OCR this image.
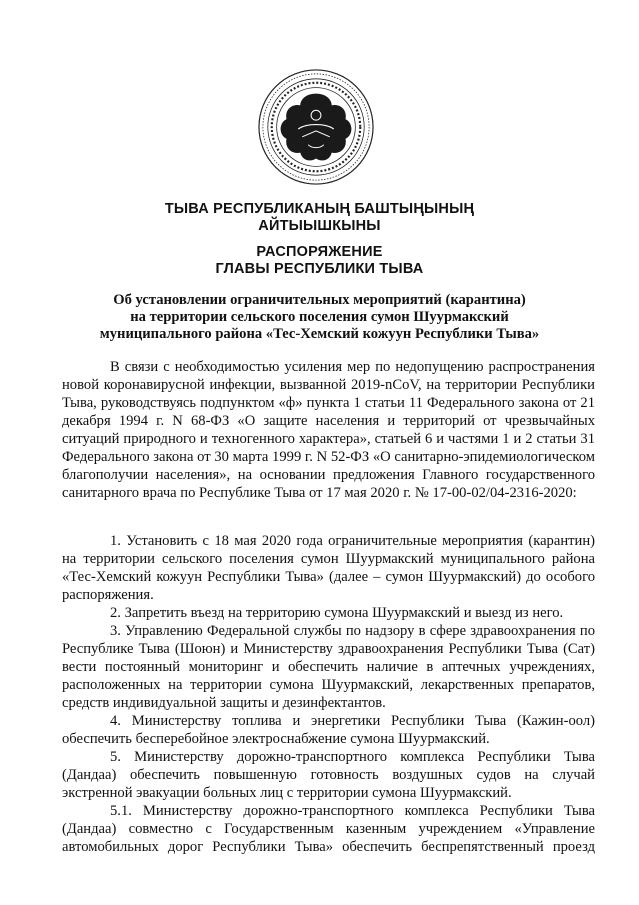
ТЫВА РЕСПУБЛИКАНЫҢ БАШТЫҢЫНЫҢ
АЙТЫЫШКЫНЫ
РАСПОРЯЖЕНИЕ
ГЛАВЫ РЕСПУБЛИКИ ТЫВА
Об установлении ограничительных мероприятий (карантина)
на территории сельского поселения сумон Шуурмакский
муниципального района «Тес-Хемский кожуун Республики Тыва»

В связи с необходимостью усиления мер по недопущению распространения новой коронавирусной инфекции, вызванной 2019-nCoV, на территории Республики Тыва, руководствуясь подпунктом «ф» пункта 1 статьи 11 Федерального закона от 21 декабря 1994 г. N 68-ФЗ «О защите населения и территорий от чрезвычайных ситуаций природного и техногенного характера», статьей 6 и частями 1 и 2 статьи 31 Федерального закона от 30 марта 1999 г. N 52-ФЗ «О санитарно-эпидемиологическом благополучии населения», на основании предложения Главного государственного санитарного врача по Республике Тыва от 17 мая 2020 г. № 17-00-02/04-2316-2020:

1. Установить с 18 мая 2020 года ограничительные мероприятия (карантин) на территории сельского поселения сумон Шуурмакский муниципального района «Тес-Хемский кожуун Республики Тыва» (далее – сумон Шуурмакский) до особого распоряжения.

2. Запретить въезд на территорию сумона Шуурмакский и выезд из него.

3. Управлению Федеральной службы по надзору в сфере здравоохранения по Республике Тыва (Шоюн) и Министерству здравоохранения Республики Тыва (Сат) вести постоянный мониторинг и обеспечить наличие в аптечных учреждениях, расположенных на территории сумона Шуурмакский, лекарственных препаратов, средств индивидуальной защиты и дезинфектантов.

4. Министерству топлива и энергетики Республики Тыва (Кажин-оол) обеспечить бесперебойное электроснабжение сумона Шуурмакский.

5. Министерству дорожно-транспортного комплекса Республики Тыва (Дандаа) обеспечить повышенную готовность воздушных судов на случай экстренной эвакуации больных лиц с территории сумона Шуурмакский.

5.1. Министерству дорожно-транспортного комплекса Республики Тыва (Дандаа) совместно с Государственным казенным учреждением «Управление автомобильных дорог Республики Тыва» обеспечить беспрепятственный проезд
